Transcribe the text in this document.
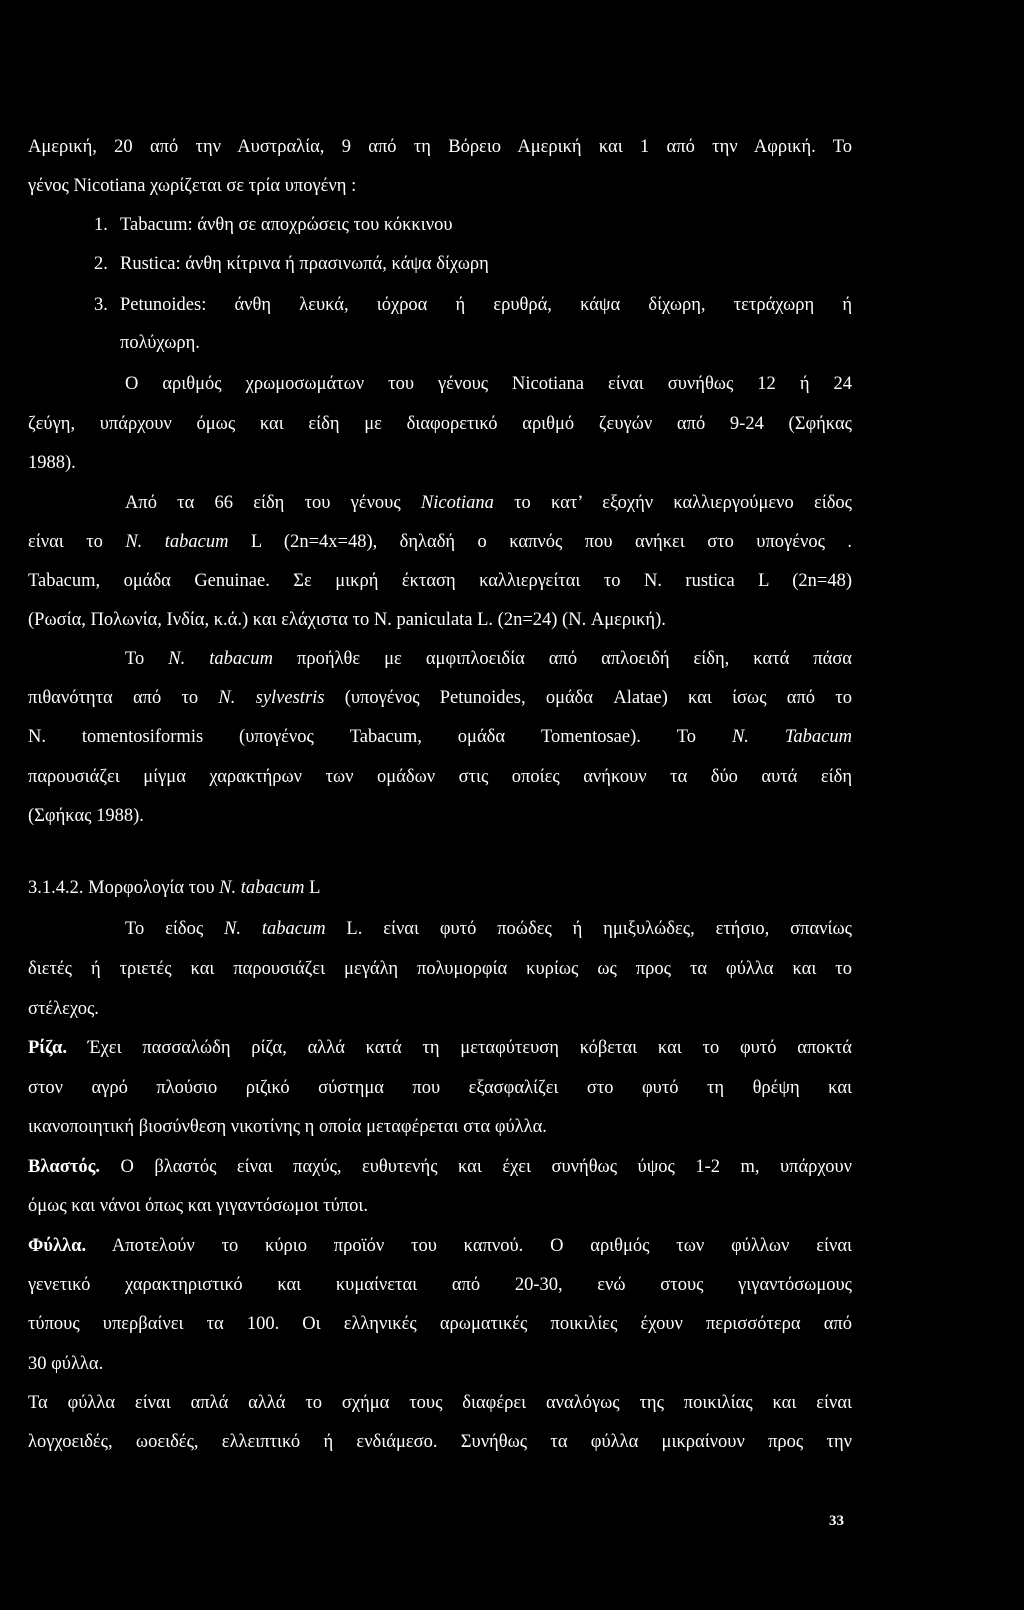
Αμερική, 20 από την Αυστραλία, 9 από τη Βόρειο Αμερική και 1 από την Αφρική. Το
γένος Nicotiana χωρίζεται σε τρία υπογένη :
1. Tabacum: άνθη σε αποχρώσεις του κόκκινου
2. Rustica: άνθη κίτρινα ή πρασινωπά, κάψα δίχωρη
3. Petunoides: άνθη λευκά, ιόχροα ή ερυθρά, κάψα δίχωρη, τετράχωρη ή
πολύχωρη.
Ο αριθμός χρωμοσωμάτων του γένους Nicotiana είναι συνήθως 12 ή 24
ζεύγη, υπάρχουν όμως και είδη με διαφορετικό αριθμό ζευγών από 9-24 (Σφήκας
1988).
Από τα 66 είδη του γένους Nicotiana το κατ’ εξοχήν καλλιεργούμενο είδος
είναι το N. tabacum L (2n=4x=48), δηλαδή ο καπνός που ανήκει στο υπογένος .
Tabacum, ομάδα Genuinae. Σε μικρή έκταση καλλιεργείται το N. rustica L (2n=48)
(Ρωσία, Πολωνία, Ινδία, κ.ά.) και ελάχιστα το N. paniculata L. (2n=24) (N. Αμερική).
Το N. tabacum προήλθε με αμφιπλοειδία από απλοειδή είδη, κατά πάσα
πιθανότητα από το N. sylvestris (υπογένος Petunoides, ομάδα Alatae) και ίσως από το
N. tomentosiformis (υπογένος Tabacum, ομάδα Tomentosae). Το N. Tabacum
παρουσιάζει μίγμα χαρακτήρων των ομάδων στις οποίες ανήκουν τα δύο αυτά είδη
(Σφήκας 1988).
3.1.4.2. Μορφολογία του N. tabacum L
Το είδος N. tabacum L. είναι φυτό ποώδες ή ημιξυλώδες, ετήσιο, σπανίως
διετές ή τριετές και παρουσιάζει μεγάλη πολυμορφία κυρίως ως προς τα φύλλα και το
στέλεχος.
Ρίζα. Έχει πασσαλώδη ρίζα, αλλά κατά τη μεταφύτευση κόβεται και το φυτό αποκτά
στον αγρό πλούσιο ριζικό σύστημα που εξασφαλίζει στο φυτό τη θρέψη και
ικανοποιητική βιοσύνθεση νικοτίνης η οποία μεταφέρεται στα φύλλα.
Βλαστός. Ο βλαστός είναι παχύς, ευθυτενής και έχει συνήθως ύψος 1-2 m, υπάρχουν
όμως και νάνοι όπως και γιγαντόσωμοι τύποι.
Φύλλα. Αποτελούν το κύριο προϊόν του καπνού. Ο αριθμός των φύλλων είναι
γενετικό χαρακτηριστικό και κυμαίνεται από 20-30, ενώ στους γιγαντόσωμους
τύπους υπερβαίνει τα 100. Οι ελληνικές αρωματικές ποικιλίες έχουν περισσότερα από
30 φύλλα.
Τα φύλλα είναι απλά αλλά το σχήμα τους διαφέρει αναλόγως της ποικιλίας και είναι
λογχοειδές, ωοειδές, ελλειπτικό ή ενδιάμεσο. Συνήθως τα φύλλα μικραίνουν προς την
33
